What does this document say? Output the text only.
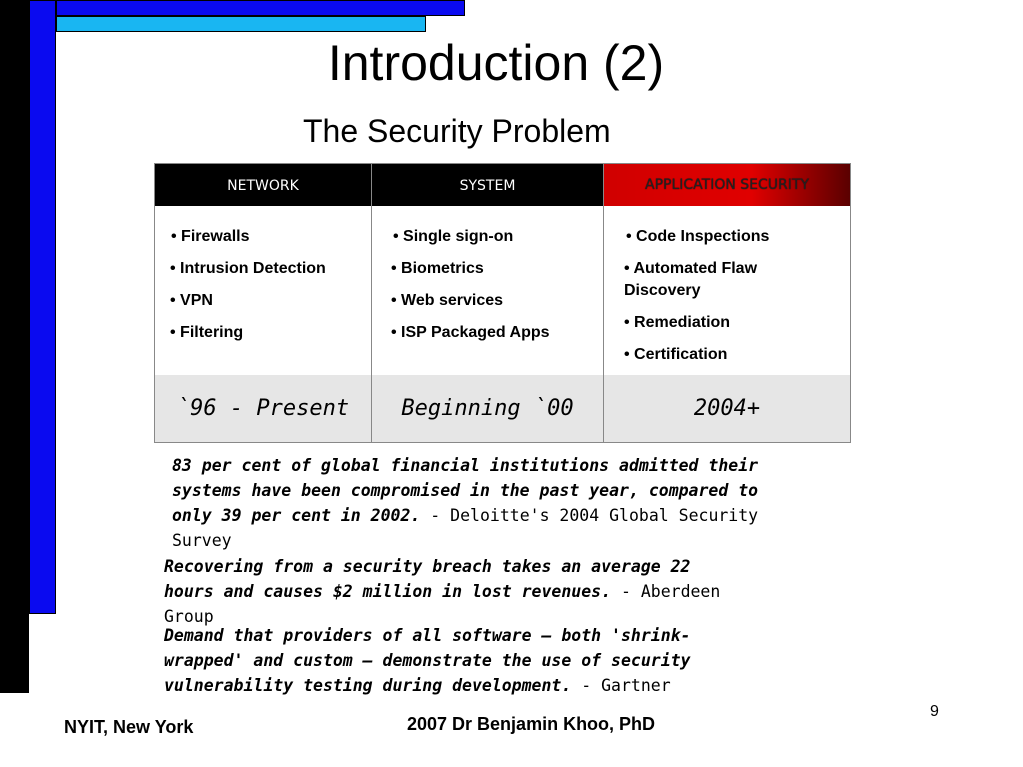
Introduction (2)
The Security Problem
NETWORK
• Firewalls
• Intrusion Detection
• VPN
• Filtering
`96 - Present
SYSTEM
• Single sign-on
• Biometrics
• Web services
• ISP Packaged Apps
Beginning `00
APPLICATION SECURITY
• Code Inspections
• Automated Flaw Discovery
• Remediation
• Certification
2004+
83 per cent of global financial institutions admitted their systems have been compromised in the past year, compared to only 39 per cent in 2002. - Deloitte's 2004 Global Security Survey
Recovering from a security breach takes an average 22 hours and causes $2 million in lost revenues. - Aberdeen Group
Demand that providers of all software — both 'shrink-wrapped' and custom — demonstrate the use of security vulnerability testing during development. - Gartner
NYIT, New York	2007 Dr Benjamin Khoo, PhD
9
